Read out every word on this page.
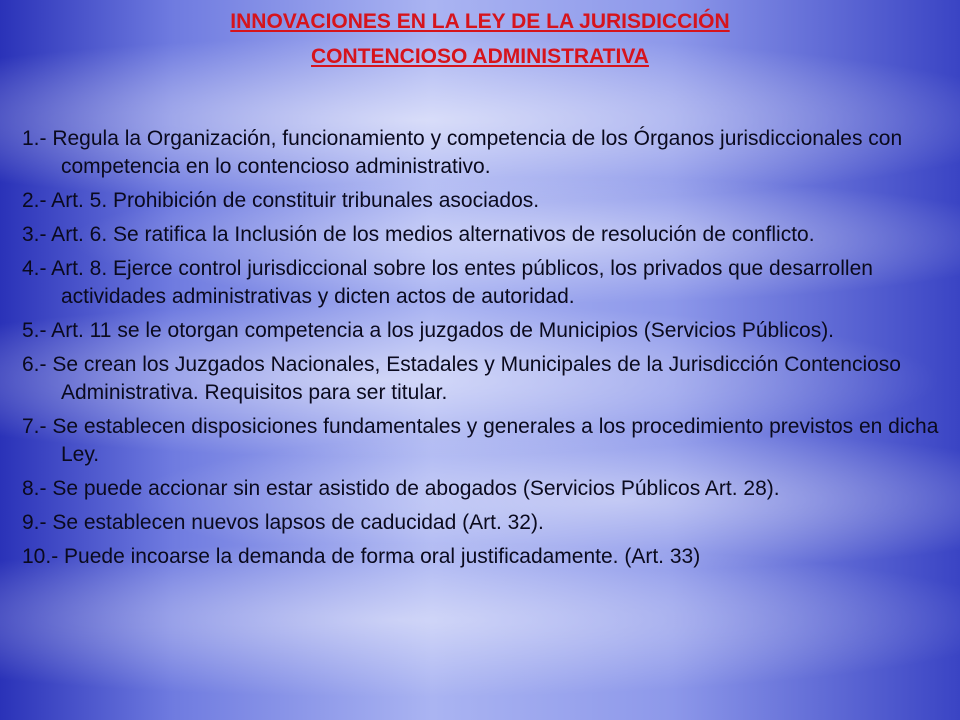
INNOVACIONES EN LA LEY DE LA JURISDICCIÓN
CONTENCIOSO ADMINISTRATIVA
1.- Regula la Organización, funcionamiento y competencia de los Órganos jurisdiccionales con competencia en lo contencioso administrativo.
2.- Art. 5. Prohibición de constituir tribunales asociados.
3.- Art. 6. Se ratifica la Inclusión de los medios alternativos de resolución de conflicto.
4.- Art. 8. Ejerce control jurisdiccional sobre los entes públicos, los privados que desarrollen actividades administrativas y dicten actos de autoridad.
5.- Art. 11 se le otorgan competencia a los juzgados de Municipios (Servicios Públicos).
6.- Se crean los Juzgados Nacionales, Estadales y Municipales de la Jurisdicción Contencioso Administrativa. Requisitos para ser titular.
7.- Se establecen disposiciones fundamentales y generales a los procedimiento previstos en dicha Ley.
8.- Se puede accionar sin estar asistido de abogados (Servicios Públicos Art. 28).
9.- Se establecen nuevos lapsos de caducidad (Art. 32).
10.- Puede incoarse la demanda de forma oral justificadamente. (Art. 33)
